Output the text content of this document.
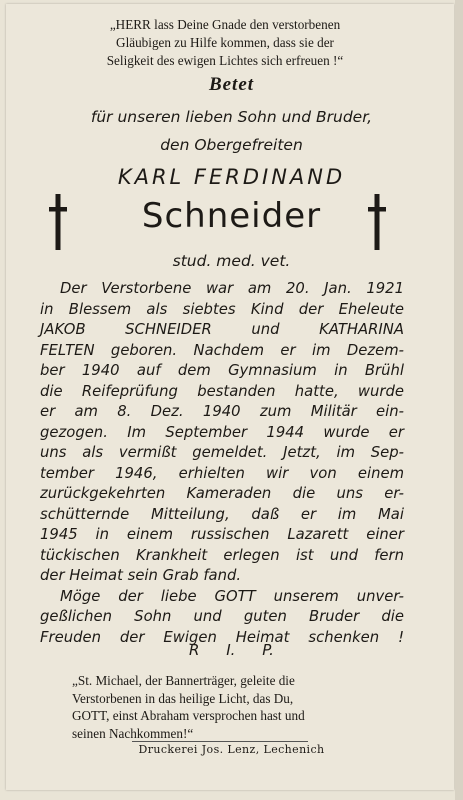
„HERR lass Deine Gnade den verstorbenen
Gläubigen zu Hilfe kommen, dass sie der
Seligkeit des ewigen Lichtes sich erfreuen !“
Betet
für unseren lieben Sohn und Bruder,
den Obergefreiten
KARL FERDINAND
Schneider
stud. med. vet.
Der Verstorbene war am 20. Jan. 1921
in Blessem als siebtes Kind der Eheleute
JAKOB SCHNEIDER und KATHARINA
FELTEN geboren. Nachdem er im Dezem-
ber 1940 auf dem Gymnasium in Brühl
die Reifeprüfung bestanden hatte, wurde
er am 8. Dez. 1940 zum Militär ein-
gezogen. Im September 1944 wurde er
uns als vermißt gemeldet. Jetzt, im Sep-
tember 1946, erhielten wir von einem
zurückgekehrten Kameraden die uns er-
schütternde Mitteilung, daß er im Mai
1945 in einem russischen Lazarett einer
tückischen Krankheit erlegen ist und fern
der Heimat sein Grab fand.
Möge der liebe GOTT unserem unver-
geßlichen Sohn und guten Bruder die
Freuden der Ewigen Heimat schenken !
R I. P.
„St. Michael, der Bannerträger, geleite die
Verstorbenen in das heilige Licht, das Du,
GOTT, einst Abraham versprochen hast und
seinen Nachkommen!“
Druckerei Jos. Lenz, Lechenich
